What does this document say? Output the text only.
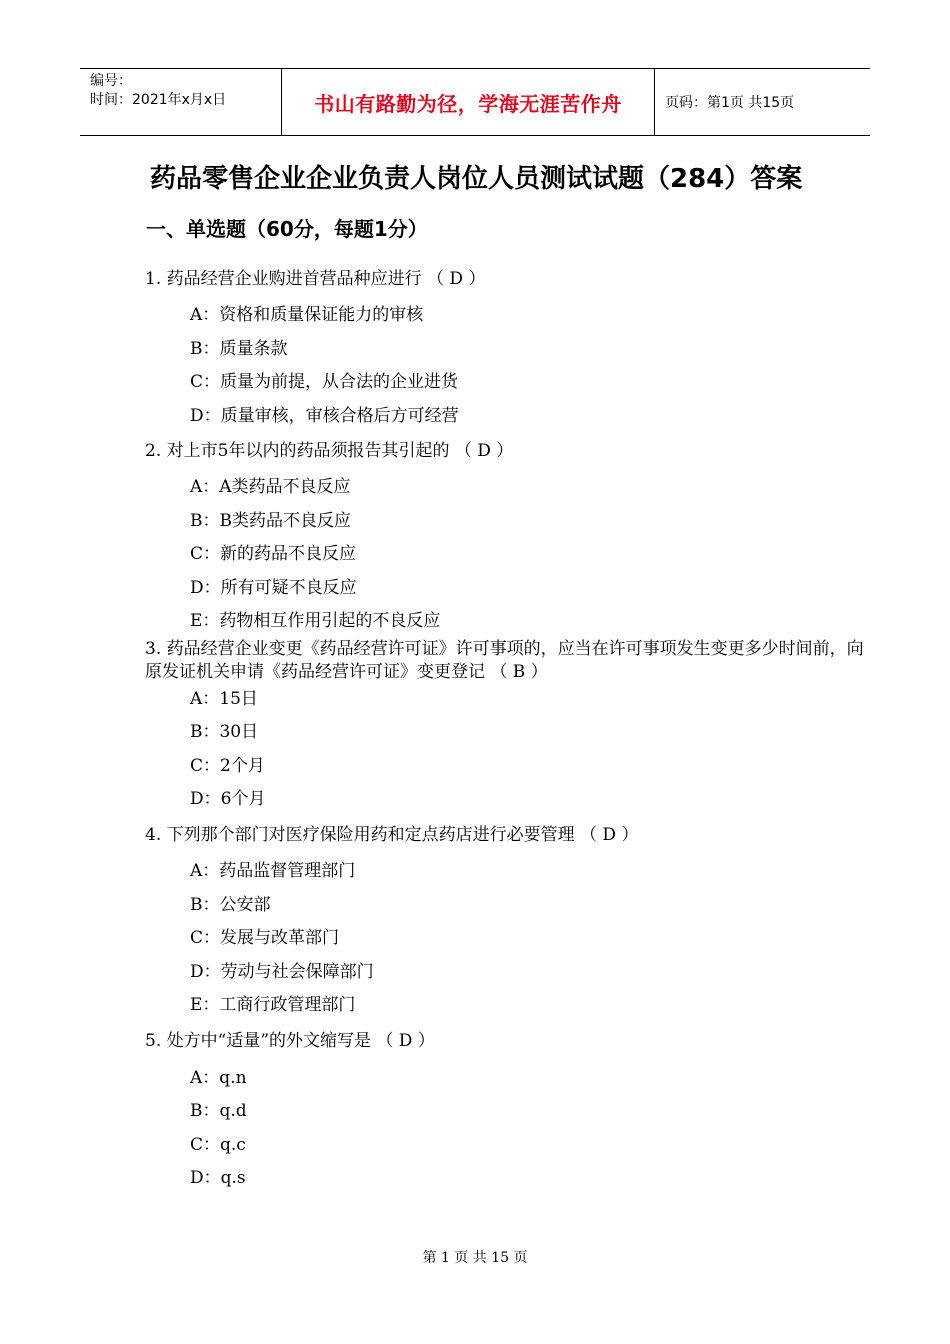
编号：
时间：2021年x月x日	书山有路勤为径，学海无涯苦作舟	页码：第1页 共15页
药品零售企业企业负责人岗位人员测试试题（284）答案
一、单选题（60分，每题1分）
1. 药品经营企业购进首营品种应进行 （ D ）
A：资格和质量保证能力的审核
B：质量条款
C：质量为前提，从合法的企业进货
D：质量审核，审核合格后方可经营
2. 对上市5年以内的药品须报告其引起的 （ D ）
A：A类药品不良反应
B：B类药品不良反应
C：新的药品不良反应
D：所有可疑不良反应
E：药物相互作用引起的不良反应
3. 药品经营企业变更《药品经营许可证》许可事项的，应当在许可事项发生变更多少时间前，向原发证机关申请《药品经营许可证》变更登记 （ B ）
A：15日
B：30日
C：2个月
D：6个月
4. 下列那个部门对医疗保险用药和定点药店进行必要管理 （ D ）
A：药品监督管理部门
B：公安部
C：发展与改革部门
D：劳动与社会保障部门
E：工商行政管理部门
5. 处方中“适量”的外文缩写是 （ D ）
A：q.n
B：q.d
C：q.c
D：q.s
第 1 页 共 15 页
